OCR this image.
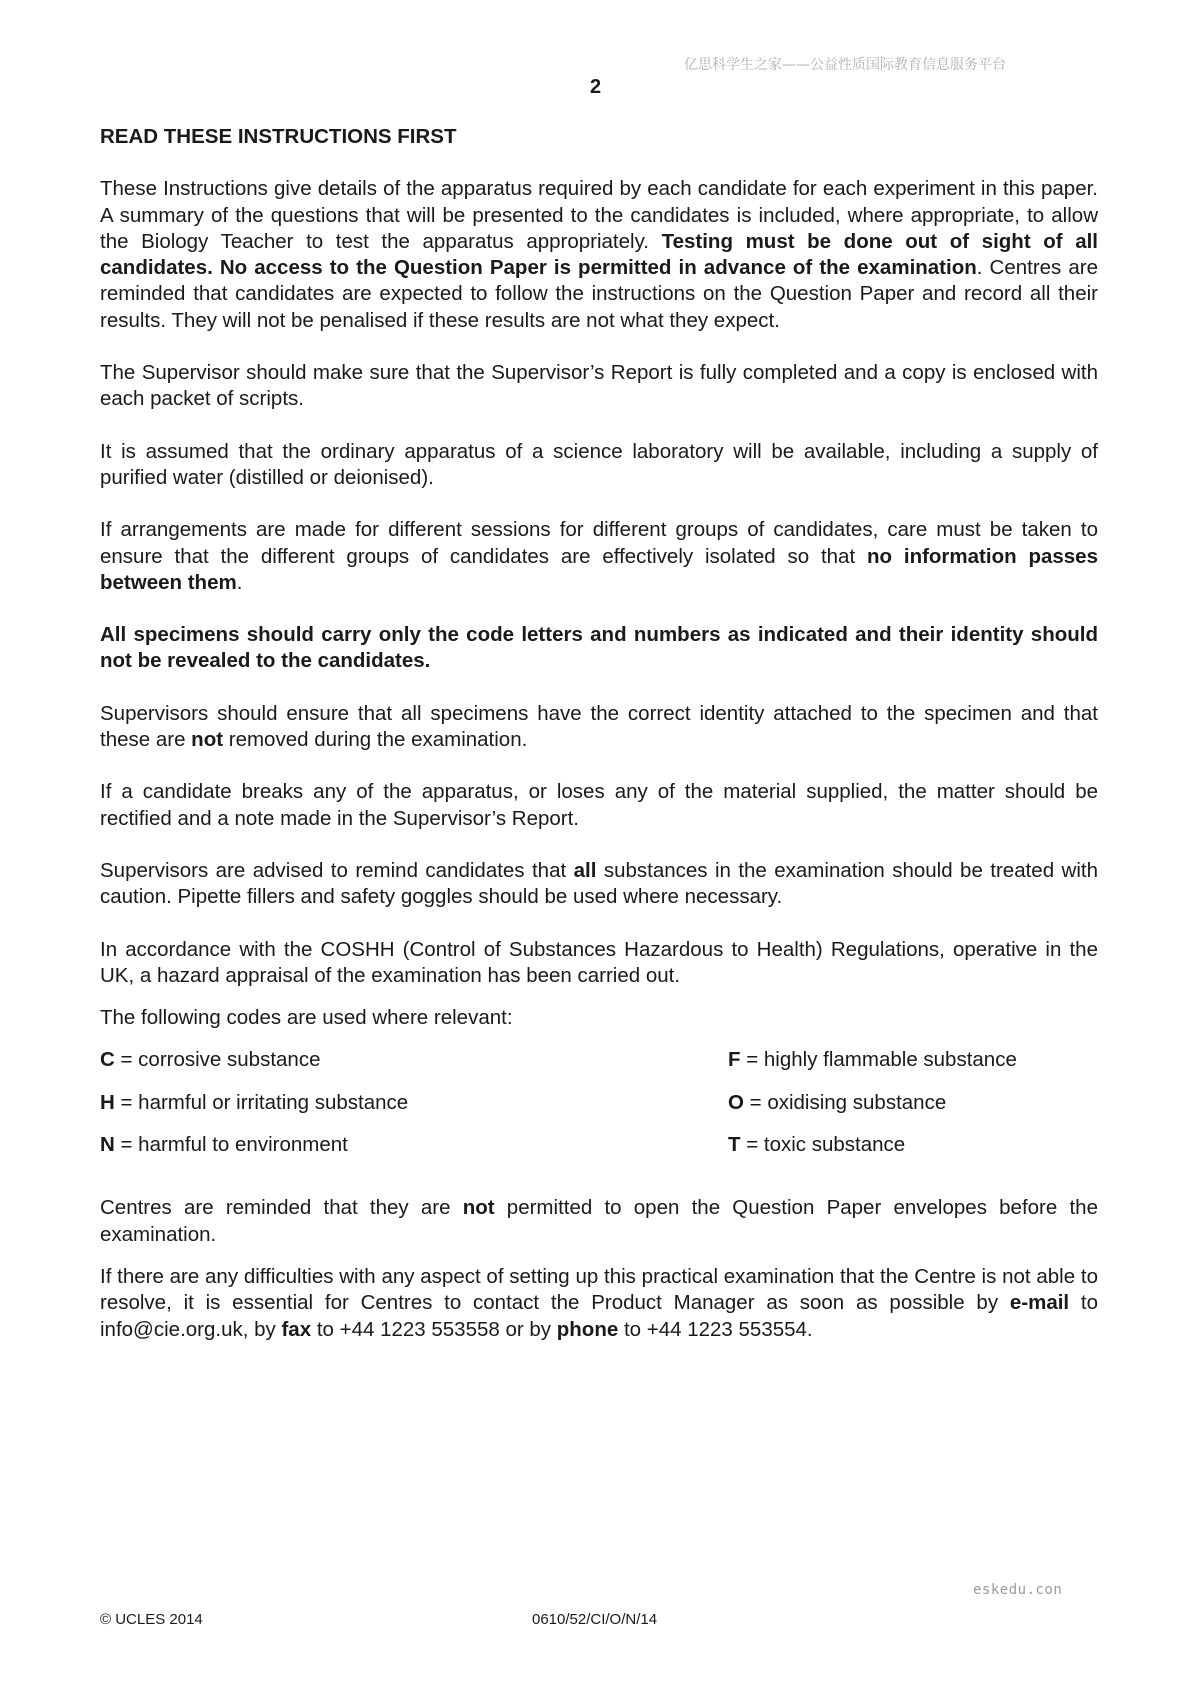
亿思科学生之家——公益性质国际教育信息服务平台
2
READ THESE INSTRUCTIONS FIRST

These Instructions give details of the apparatus required by each candidate for each experiment in this paper. A summary of the questions that will be presented to the candidates is included, where appropriate, to allow the Biology Teacher to test the apparatus appropriately. Testing must be done out of sight of all candidates. No access to the Question Paper is permitted in advance of the examination. Centres are reminded that candidates are expected to follow the instructions on the Question Paper and record all their results. They will not be penalised if these results are not what they expect.

The Supervisor should make sure that the Supervisor’s Report is fully completed and a copy is enclosed with each packet of scripts.

It is assumed that the ordinary apparatus of a science laboratory will be available, including a supply of purified water (distilled or deionised).

If arrangements are made for different sessions for different groups of candidates, care must be taken to ensure that the different groups of candidates are effectively isolated so that no information passes between them.

All specimens should carry only the code letters and numbers as indicated and their identity should not be revealed to the candidates.

Supervisors should ensure that all specimens have the correct identity attached to the specimen and that these are not removed during the examination.

If a candidate breaks any of the apparatus, or loses any of the material supplied, the matter should be rectified and a note made in the Supervisor’s Report.

Supervisors are advised to remind candidates that all substances in the examination should be treated with caution. Pipette fillers and safety goggles should be used where necessary.

In accordance with the COSHH (Control of Substances Hazardous to Health) Regulations, operative in the UK, a hazard appraisal of the examination has been carried out.

The following codes are used where relevant:

C = corrosive substance	F = highly flammable substance
H = harmful or irritating substance	O = oxidising substance
N = harmful to environment	T = toxic substance

Centres are reminded that they are not permitted to open the Question Paper envelopes before the examination.

If there are any difficulties with any aspect of setting up this practical examination that the Centre is not able to resolve, it is essential for Centres to contact the Product Manager as soon as possible by e-mail to info@cie.org.uk, by fax to +44 1223 553558 or by phone to +44 1223 553554.

eskedu.con
© UCLES 2014	0610/52/CI/O/N/14
